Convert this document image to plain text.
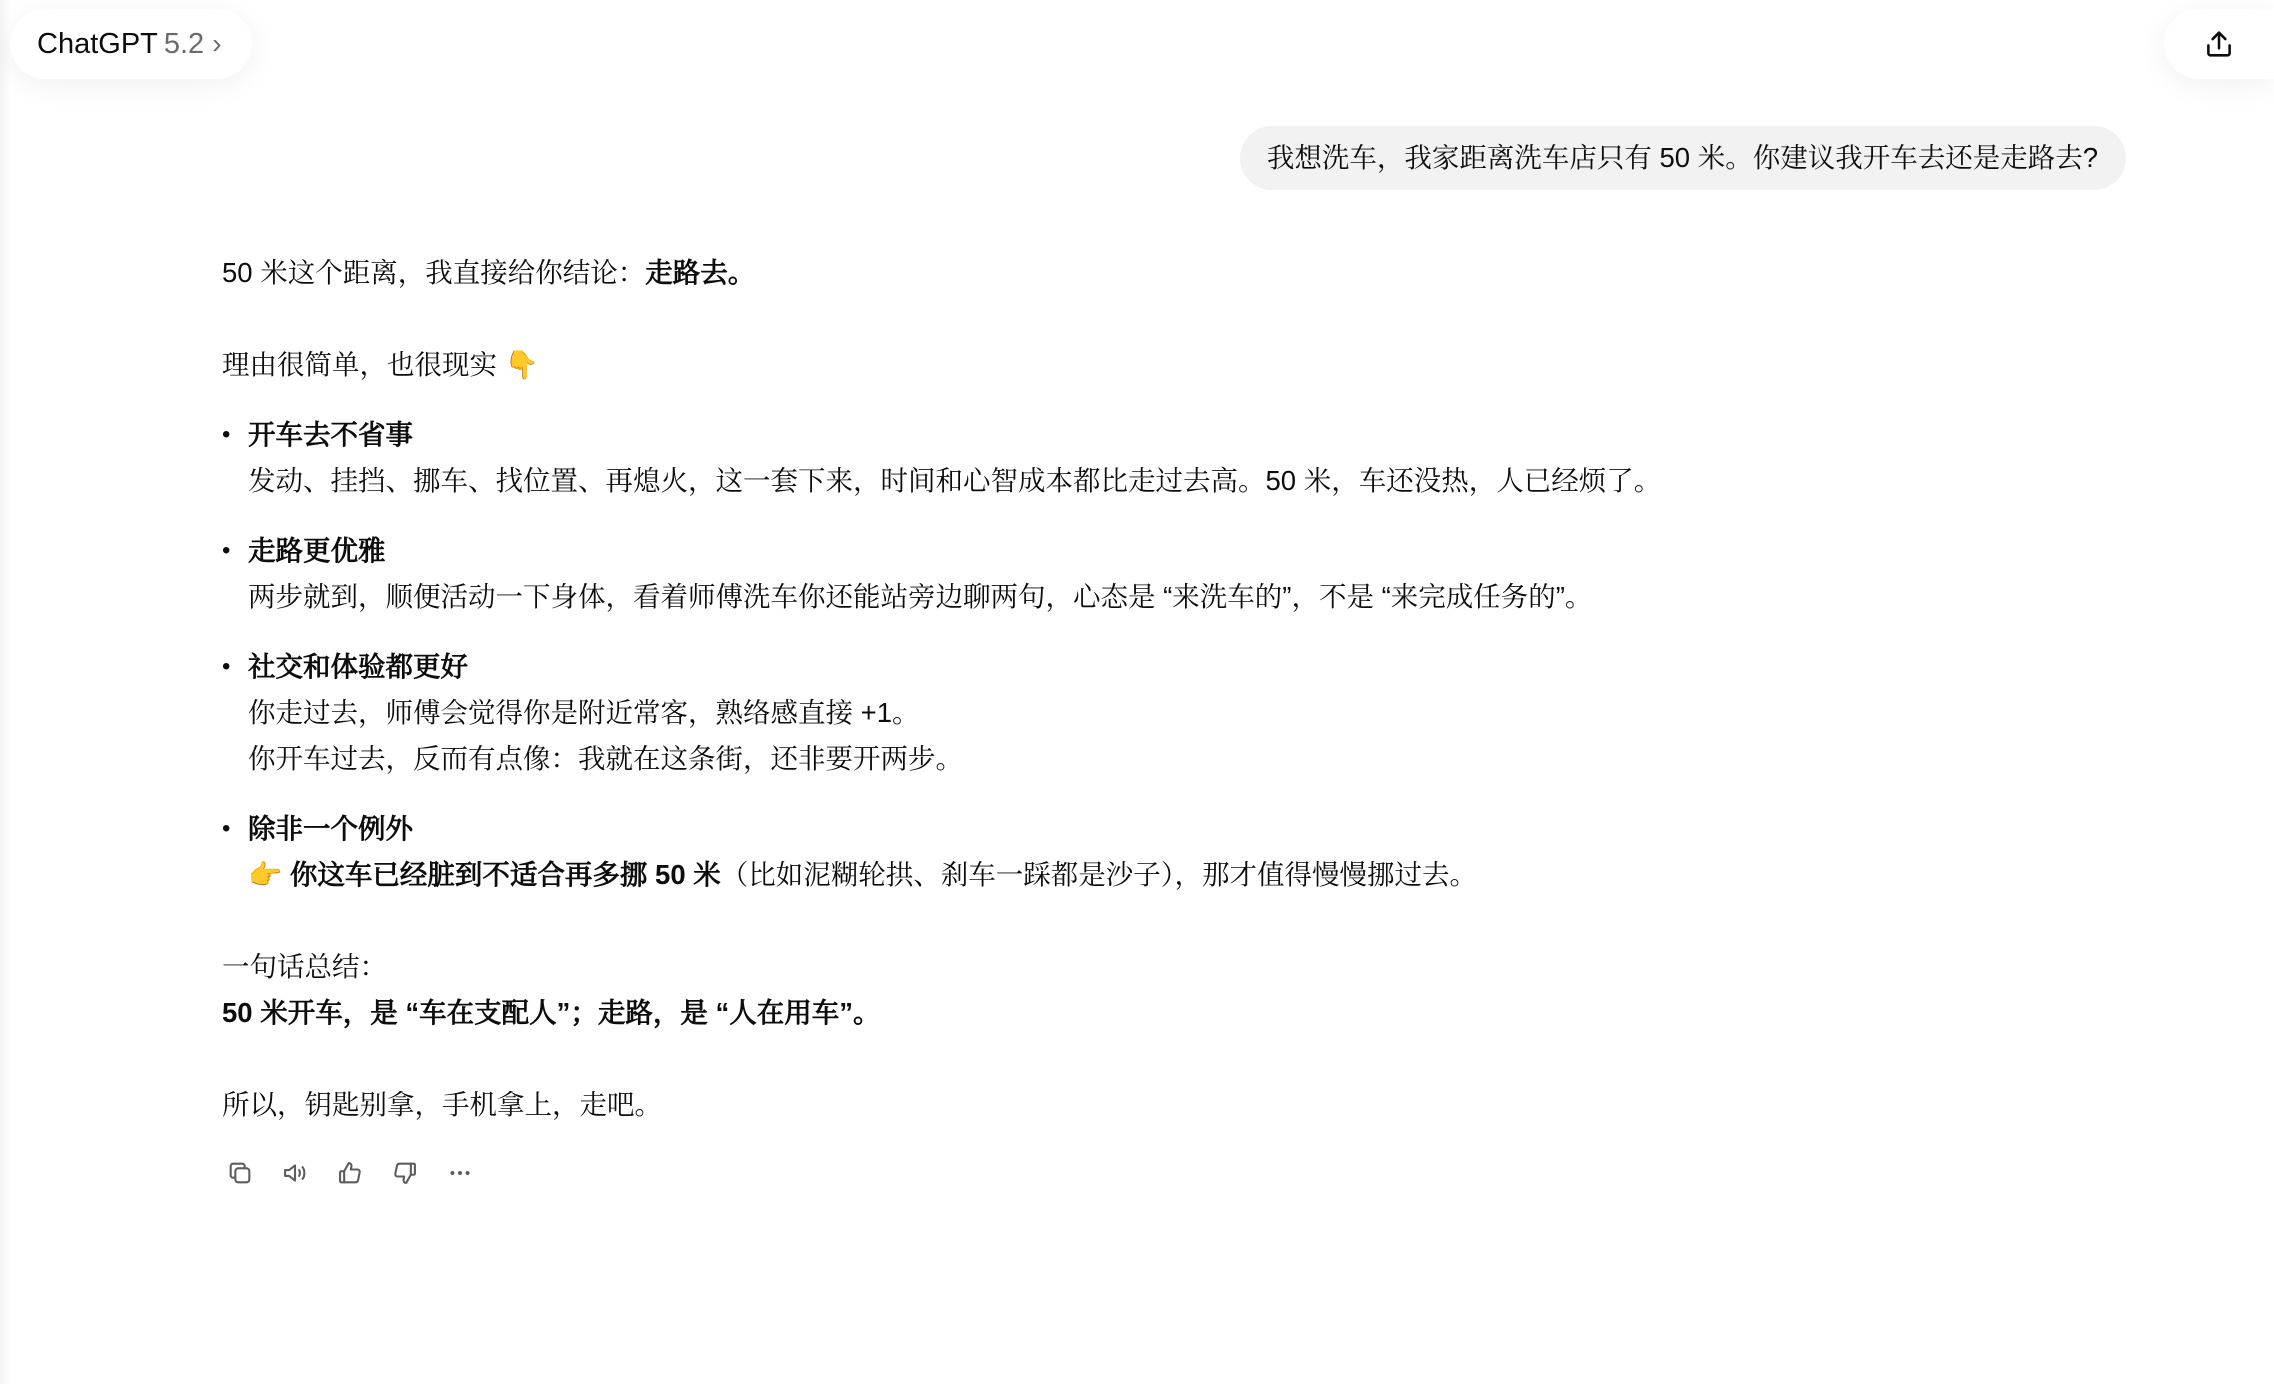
ChatGPT 5.2 ›
我想洗车，我家距离洗车店只有 50 米。你建议我开车去还是走路去?
50 米这个距离，我直接给你结论：走路去。
理由很简单，也很现实 👇
• 开车去不省事
发动、挂挡、挪车、找位置、再熄火，这一套下来，时间和心智成本都比走过去高。50 米，车还没热，人已经烦了。
• 走路更优雅
两步就到，顺便活动一下身体，看着师傅洗车你还能站旁边聊两句，心态是 “来洗车的”，不是 “来完成任务的”。
• 社交和体验都更好
你走过去，师傅会觉得你是附近常客，熟络感直接 +1。
你开车过去，反而有点像：我就在这条街，还非要开两步。
• 除非一个例外
👉 你这车已经脏到不适合再多挪 50 米（比如泥糊轮拱、刹车一踩都是沙子），那才值得慢慢挪过去。
一句话总结：
50 米开车，是 “车在支配人”；走路，是 “人在用车”。
所以，钥匙别拿，手机拿上，走吧。
